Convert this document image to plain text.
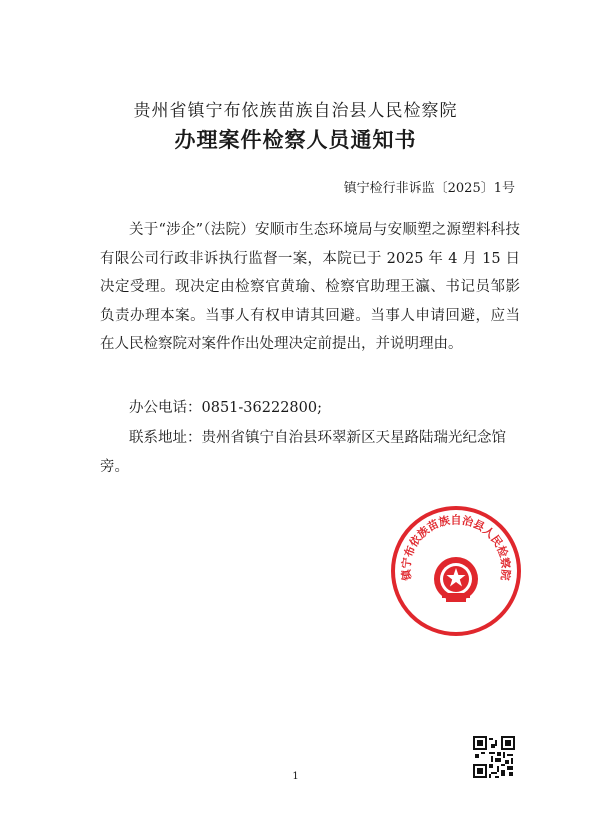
贵州省镇宁布依族苗族自治县人民检察院
办理案件检察人员通知书
镇宁检行非诉监〔2025〕1号

关于“涉企”（法院）安顺市生态环境局与安顺塑之源塑料科技有限公司行政非诉执行监督一案，本院已于 2025 年 4 月 15 日决定受理。现决定由检察官黄瑜、检察官助理王瀛、书记员邹影负责办理本案。当事人有权申请其回避。当事人申请回避，应当在人民检察院对案件作出处理决定前提出，并说明理由。

办公电话：0851-36222800;
联系地址：贵州省镇宁自治县环翠新区天星路陆瑞光纪念馆旁。
镇宁布依族苗族自治县人民检察院
1
